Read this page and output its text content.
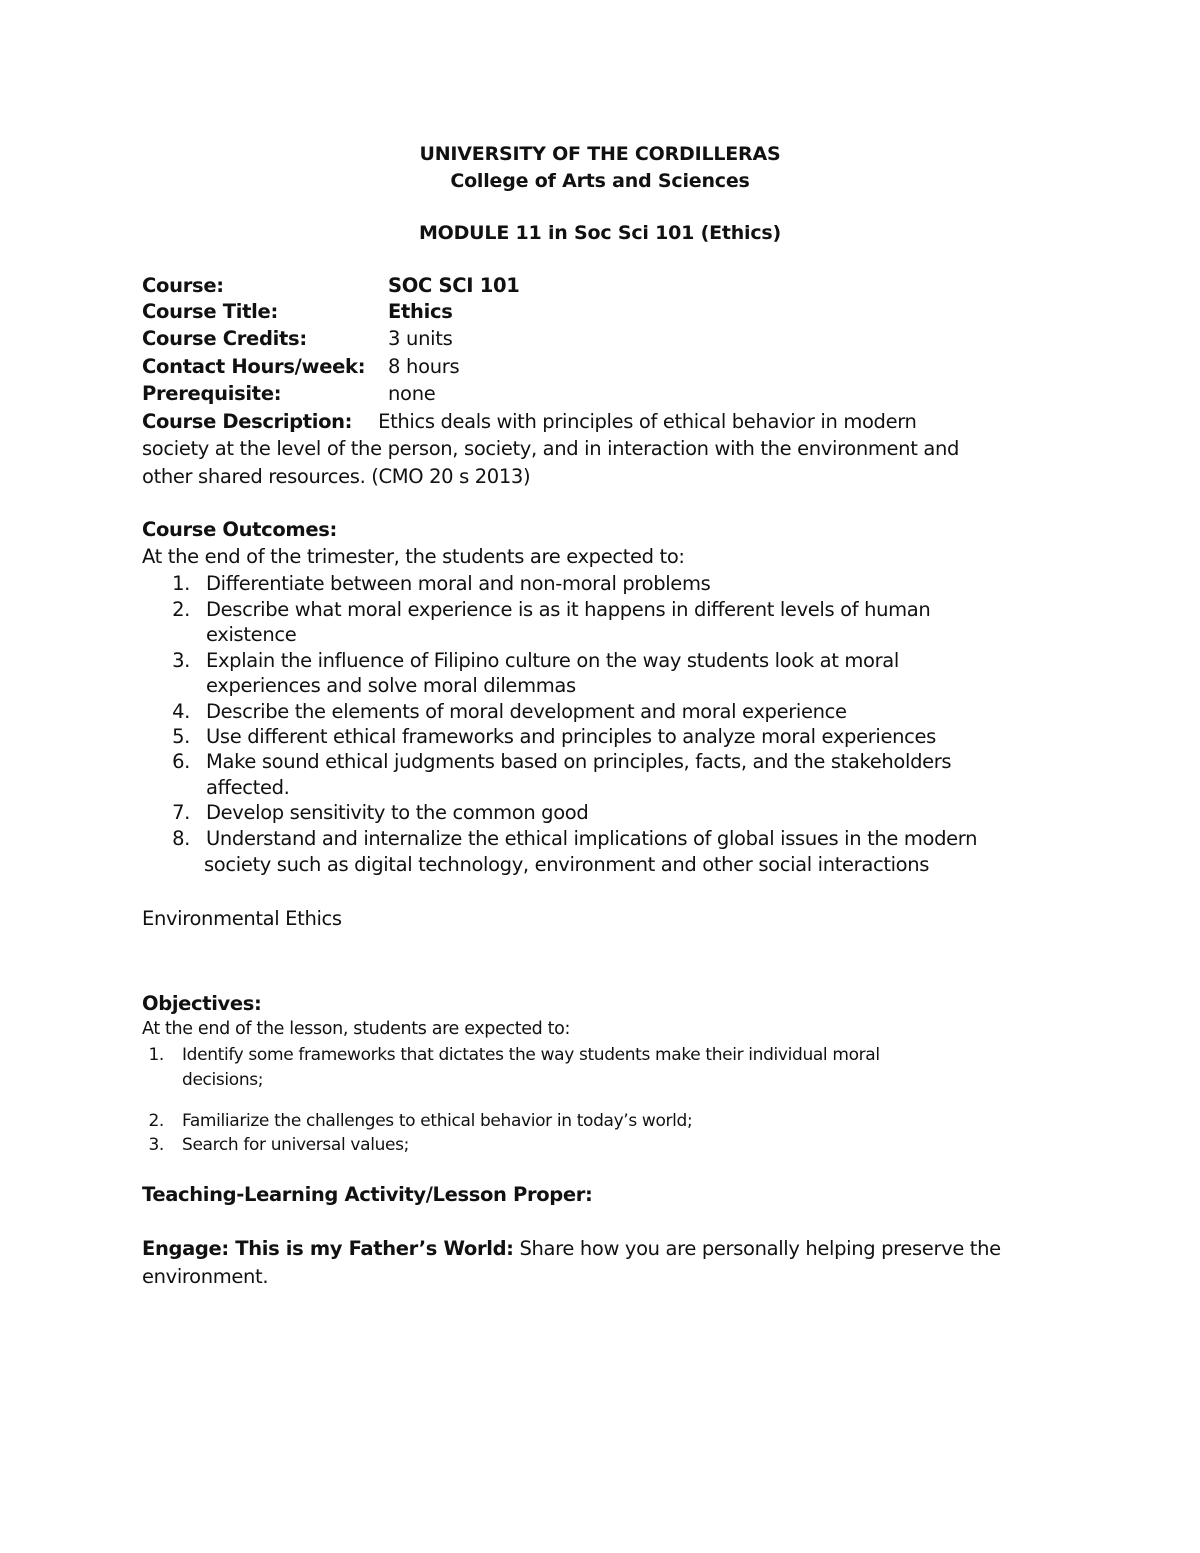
UNIVERSITY OF THE CORDILLERAS
College of Arts and Sciences
MODULE 11 in Soc Sci 101 (Ethics)
Course:	SOC SCI 101
Course Title:	Ethics
Course Credits:	3 units
Contact Hours/week: 8 hours
Prerequisite:	none
Course Description: Ethics deals with principles of ethical behavior in modern
society at the level of the person, society, and in interaction with the environment and
other shared resources. (CMO 20 s 2013)
Course Outcomes:
At the end of the trimester, the students are expected to:
1. Differentiate between moral and non-moral problems
2. Describe what moral experience is as it happens in different levels of human
existence
3. Explain the influence of Filipino culture on the way students look at moral
experiences and solve moral dilemmas
4. Describe the elements of moral development and moral experience
5. Use different ethical frameworks and principles to analyze moral experiences
6. Make sound ethical judgments based on principles, facts, and the stakeholders
affected.
7. Develop sensitivity to the common good
8. Understand and internalize the ethical implications of global issues in the modern
society such as digital technology, environment and other social interactions
Environmental Ethics
Objectives:
At the end of the lesson, students are expected to:
1. Identify some frameworks that dictates the way students make their individual moral
decisions;
2. Familiarize the challenges to ethical behavior in today’s world;
3. Search for universal values;
Teaching-Learning Activity/Lesson Proper:
Engage: This is my Father’s World: Share how you are personally helping preserve the
environment.
